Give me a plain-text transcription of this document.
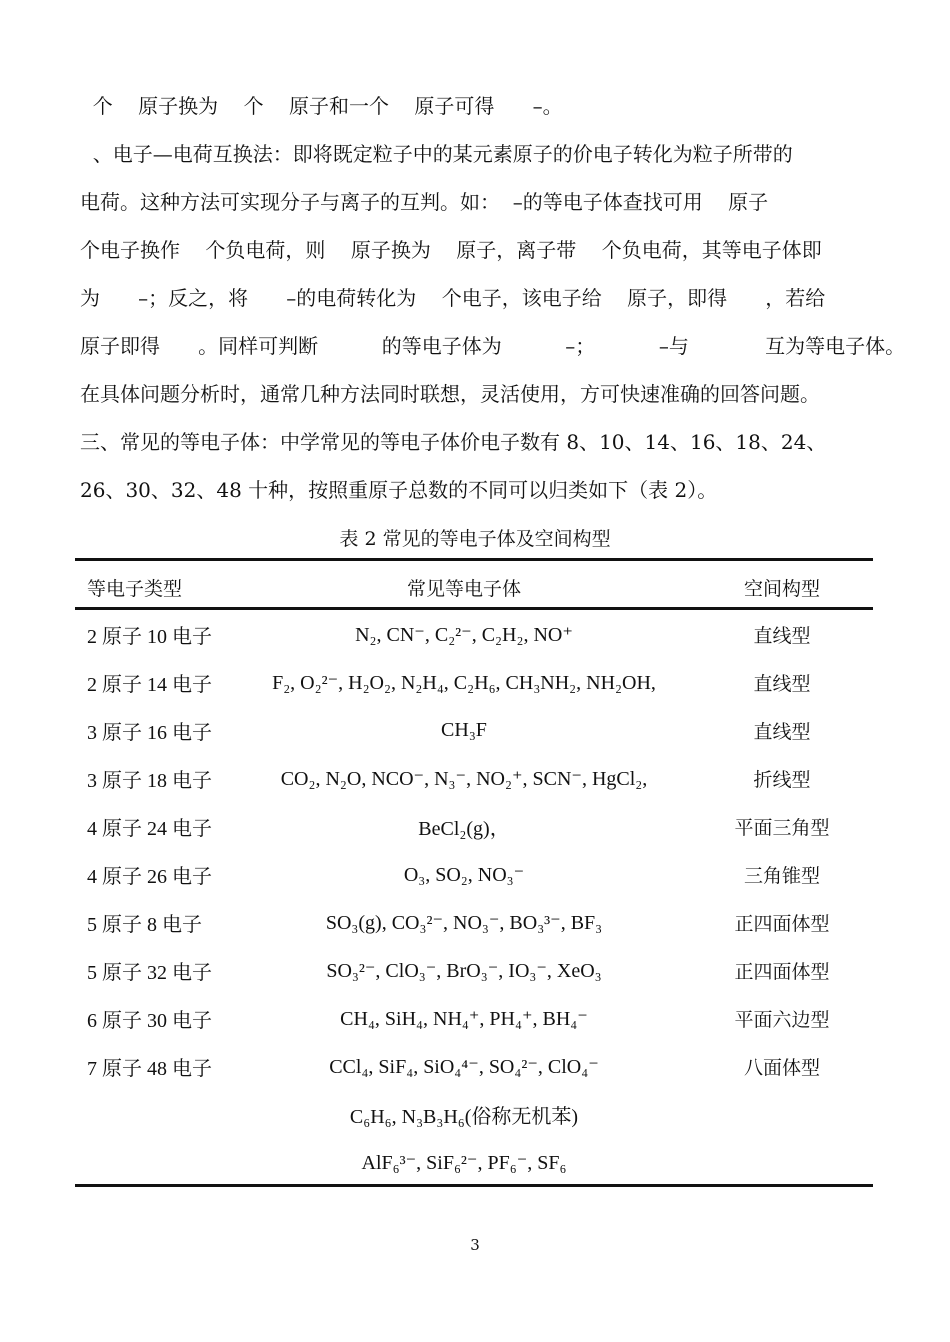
个    原子换为    个    原子和一个    原子可得      –。
、电子—电荷互换法：即将既定粒子中的某元素原子的价电子转化为粒子所带的
电荷。这种方法可实现分子与离子的互判。如：  –的等电子体查找可用    原子
个电子换作    个负电荷，则    原子换为    原子，离子带    个负电荷，其等电子体即
为      –；反之，将      –的电荷转化为    个电子，该电子给    原子，即得      ，若给
原子即得      。同样可判断          的等电子体为          –；          –与            互为等电子体。
在具体问题分析时，通常几种方法同时联想，灵活使用，方可快速准确的回答问题。
三、常见的等电子体：中学常见的等电子体价电子数有 8、10、14、16、18、24、
26、30、32、48 十种，按照重原子总数的不同可以归类如下（表 2）。
表 2 常见的等电子体及空间构型
等电子类型	常见等电子体	空间构型
2 原子 10 电子	N₂, CN⁻, C₂²⁻, C₂H₂, NO⁺	直线型
2 原子 14 电子	F₂, O₂²⁻, H₂O₂, N₂H₄, C₂H₆, CH₃NH₂, NH₂OH,	直线型
3 原子 16 电子	CH₃F	直线型
3 原子 18 电子	CO₂, N₂O, NCO⁻, N₃⁻, NO₂⁺, SCN⁻, HgCl₂,	折线型
4 原子 24 电子	BeCl₂(g)，	平面三角型
4 原子 26 电子	O₃, SO₂, NO₃⁻	三角锥型
5 原子 8 电子	SO₃(g), CO₃²⁻, NO₃⁻, BO₃³⁻, BF₃	正四面体型
5 原子 32 电子	SO₃²⁻, ClO₃⁻, BrO₃⁻, IO₃⁻, XeO₃	正四面体型
6 原子 30 电子	CH₄, SiH₄, NH₄⁺, PH₄⁺, BH₄⁻	平面六边型
7 原子 48 电子	CCl₄, SiF₄, SiO₄⁴⁻, SO₄²⁻, ClO₄⁻	八面体型
	C₆H₆, N₃B₃H₆(俗称无机苯)	
	AlF₆³⁻, SiF₆²⁻, PF₆⁻, SF₆	
3
